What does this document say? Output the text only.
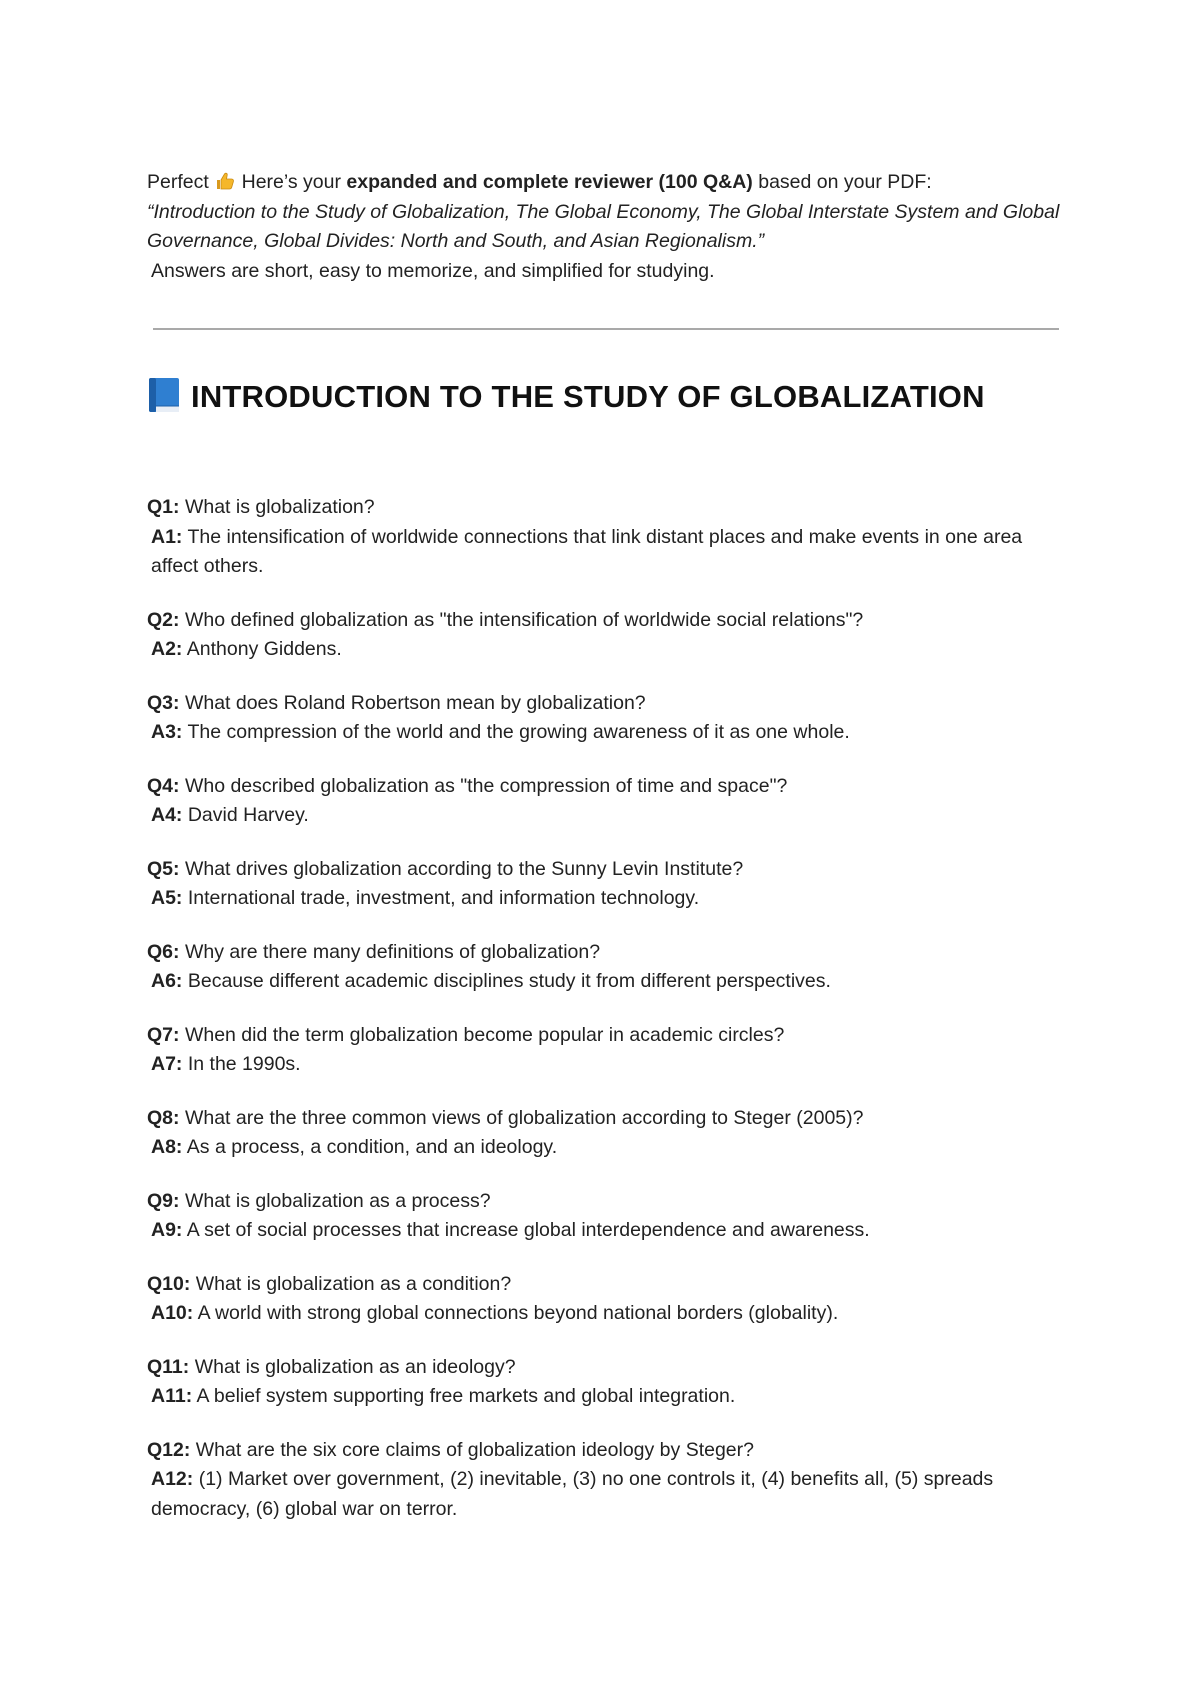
Perfect Here’s your expanded and complete reviewer (100 Q&A) based on your PDF:
“Introduction to the Study of Globalization, The Global Economy, The Global Interstate System and Global Governance, Global Divides: North and South, and Asian Regionalism.”
Answers are short, easy to memorize, and simplified for studying.

INTRODUCTION TO THE STUDY OF GLOBALIZATION
Q1: What is globalization?
A1: The intensification of worldwide connections that link distant places and make events in one area affect others.
Q2: Who defined globalization as "the intensification of worldwide social relations"?
A2: Anthony Giddens.
Q3: What does Roland Robertson mean by globalization?
A3: The compression of the world and the growing awareness of it as one whole.
Q4: Who described globalization as "the compression of time and space"?
A4: David Harvey.
Q5: What drives globalization according to the Sunny Levin Institute?
A5: International trade, investment, and information technology.
Q6: Why are there many definitions of globalization?
A6: Because different academic disciplines study it from different perspectives.
Q7: When did the term globalization become popular in academic circles?
A7: In the 1990s.
Q8: What are the three common views of globalization according to Steger (2005)?
A8: As a process, a condition, and an ideology.
Q9: What is globalization as a process?
A9: A set of social processes that increase global interdependence and awareness.
Q10: What is globalization as a condition?
A10: A world with strong global connections beyond national borders (globality).
Q11: What is globalization as an ideology?
A11: A belief system supporting free markets and global integration.
Q12: What are the six core claims of globalization ideology by Steger?
A12: (1) Market over government, (2) inevitable, (3) no one controls it, (4) benefits all, (5) spreads democracy, (6) global war on terror.
